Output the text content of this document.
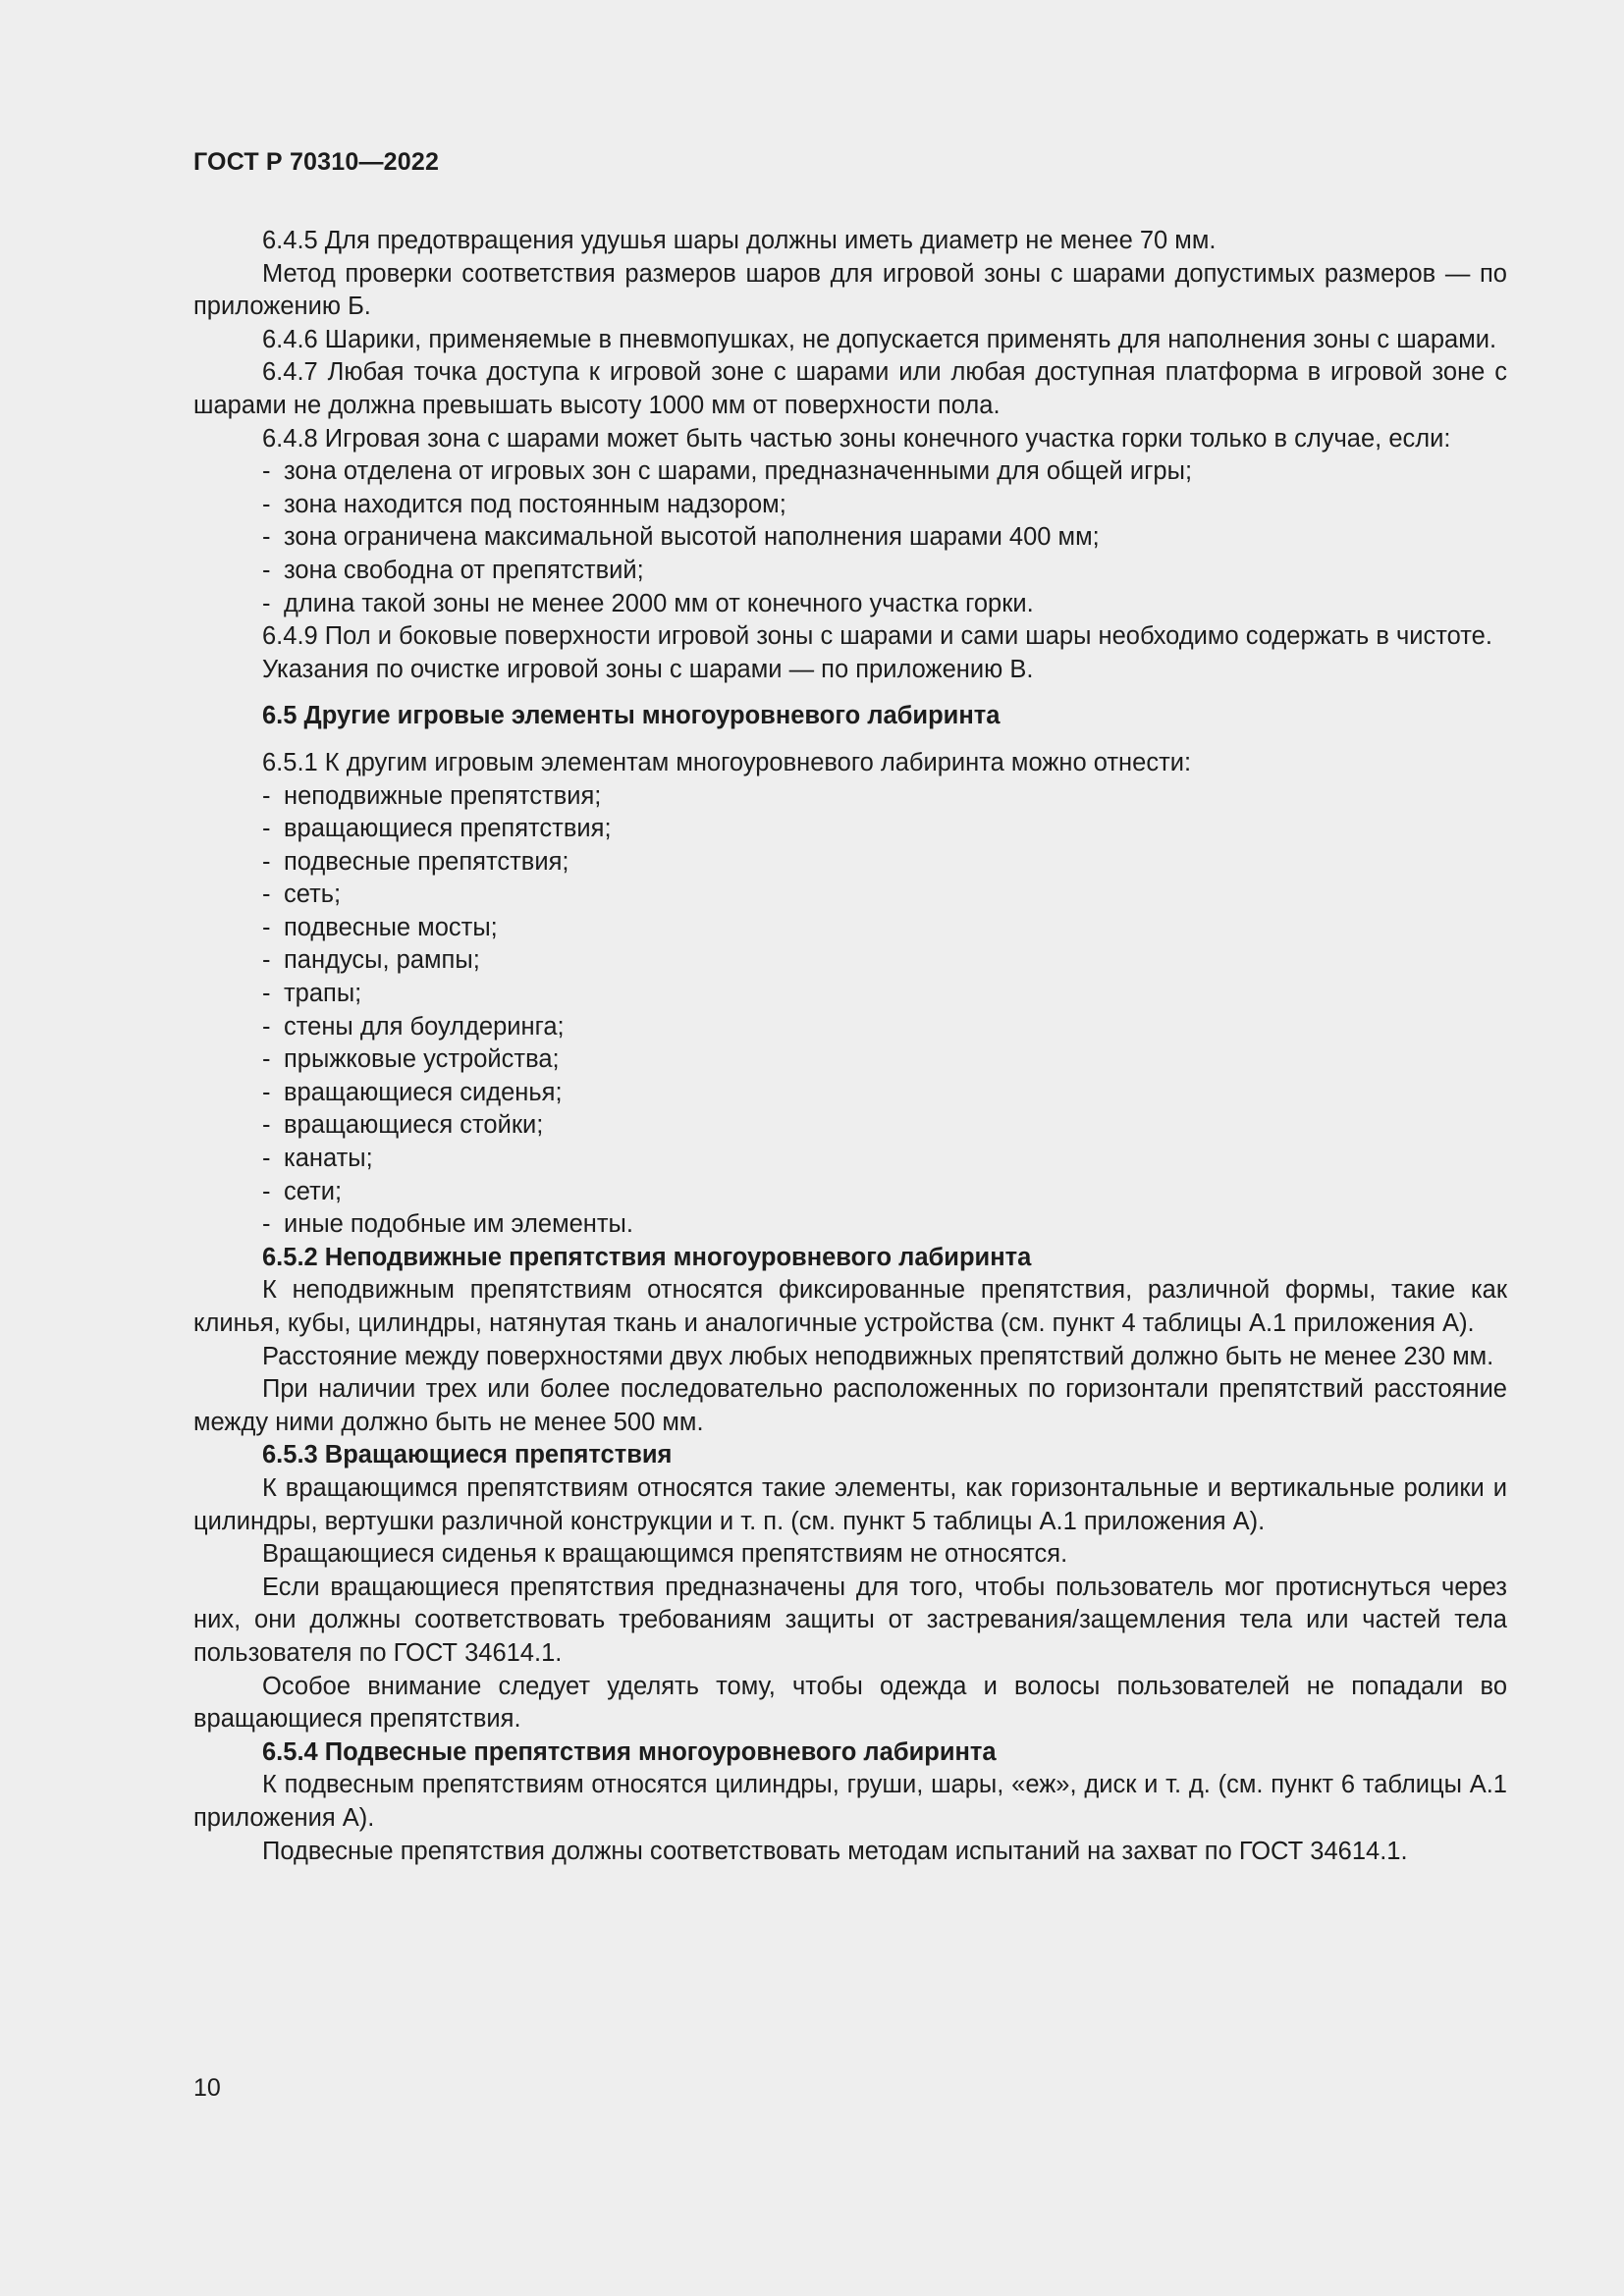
ГОСТ Р 70310—2022
6.4.5 Для предотвращения удушья шары должны иметь диаметр не менее 70 мм.
Метод проверки соответствия размеров шаров для игровой зоны с шарами допустимых размеров — по приложению Б.
6.4.6 Шарики, применяемые в пневмопушках, не допускается применять для наполнения зоны с шарами.
6.4.7 Любая точка доступа к игровой зоне с шарами или любая доступная платформа в игровой зоне с шарами не должна превышать высоту 1000 мм от поверхности пола.
6.4.8 Игровая зона с шарами может быть частью зоны конечного участка горки только в случае, если:
- зона отделена от игровых зон с шарами, предназначенными для общей игры;
- зона находится под постоянным надзором;
- зона ограничена максимальной высотой наполнения шарами 400 мм;
- зона свободна от препятствий;
- длина такой зоны не менее 2000 мм от конечного участка горки.
6.4.9 Пол и боковые поверхности игровой зоны с шарами и сами шары необходимо содержать в чистоте.
Указания по очистке игровой зоны с шарами — по приложению В.
6.5 Другие игровые элементы многоуровневого лабиринта
6.5.1 К другим игровым элементам многоуровневого лабиринта можно отнести:
- неподвижные препятствия;
- вращающиеся препятствия;
- подвесные препятствия;
- сеть;
- подвесные мосты;
- пандусы, рампы;
- трапы;
- стены для боулдеринга;
- прыжковые устройства;
- вращающиеся сиденья;
- вращающиеся стойки;
- канаты;
- сети;
- иные подобные им элементы.
6.5.2 Неподвижные препятствия многоуровневого лабиринта
К неподвижным препятствиям относятся фиксированные препятствия, различной формы, такие как клинья, кубы, цилиндры, натянутая ткань и аналогичные устройства (см. пункт 4 таблицы А.1 приложения А).
Расстояние между поверхностями двух любых неподвижных препятствий должно быть не менее 230 мм.
При наличии трех или более последовательно расположенных по горизонтали препятствий расстояние между ними должно быть не менее 500 мм.
6.5.3 Вращающиеся препятствия
К вращающимся препятствиям относятся такие элементы, как горизонтальные и вертикальные ролики и цилиндры, вертушки различной конструкции и т. п. (см. пункт 5 таблицы А.1 приложения А).
Вращающиеся сиденья к вращающимся препятствиям не относятся.
Если вращающиеся препятствия предназначены для того, чтобы пользователь мог протиснуться через них, они должны соответствовать требованиям защиты от застревания/защемления тела или частей тела пользователя по ГОСТ 34614.1.
Особое внимание следует уделять тому, чтобы одежда и волосы пользователей не попадали во вращающиеся препятствия.
6.5.4 Подвесные препятствия многоуровневого лабиринта
К подвесным препятствиям относятся цилиндры, груши, шары, «еж», диск и т. д. (см. пункт 6 таблицы А.1 приложения А).
Подвесные препятствия должны соответствовать методам испытаний на захват по ГОСТ 34614.1.
10
